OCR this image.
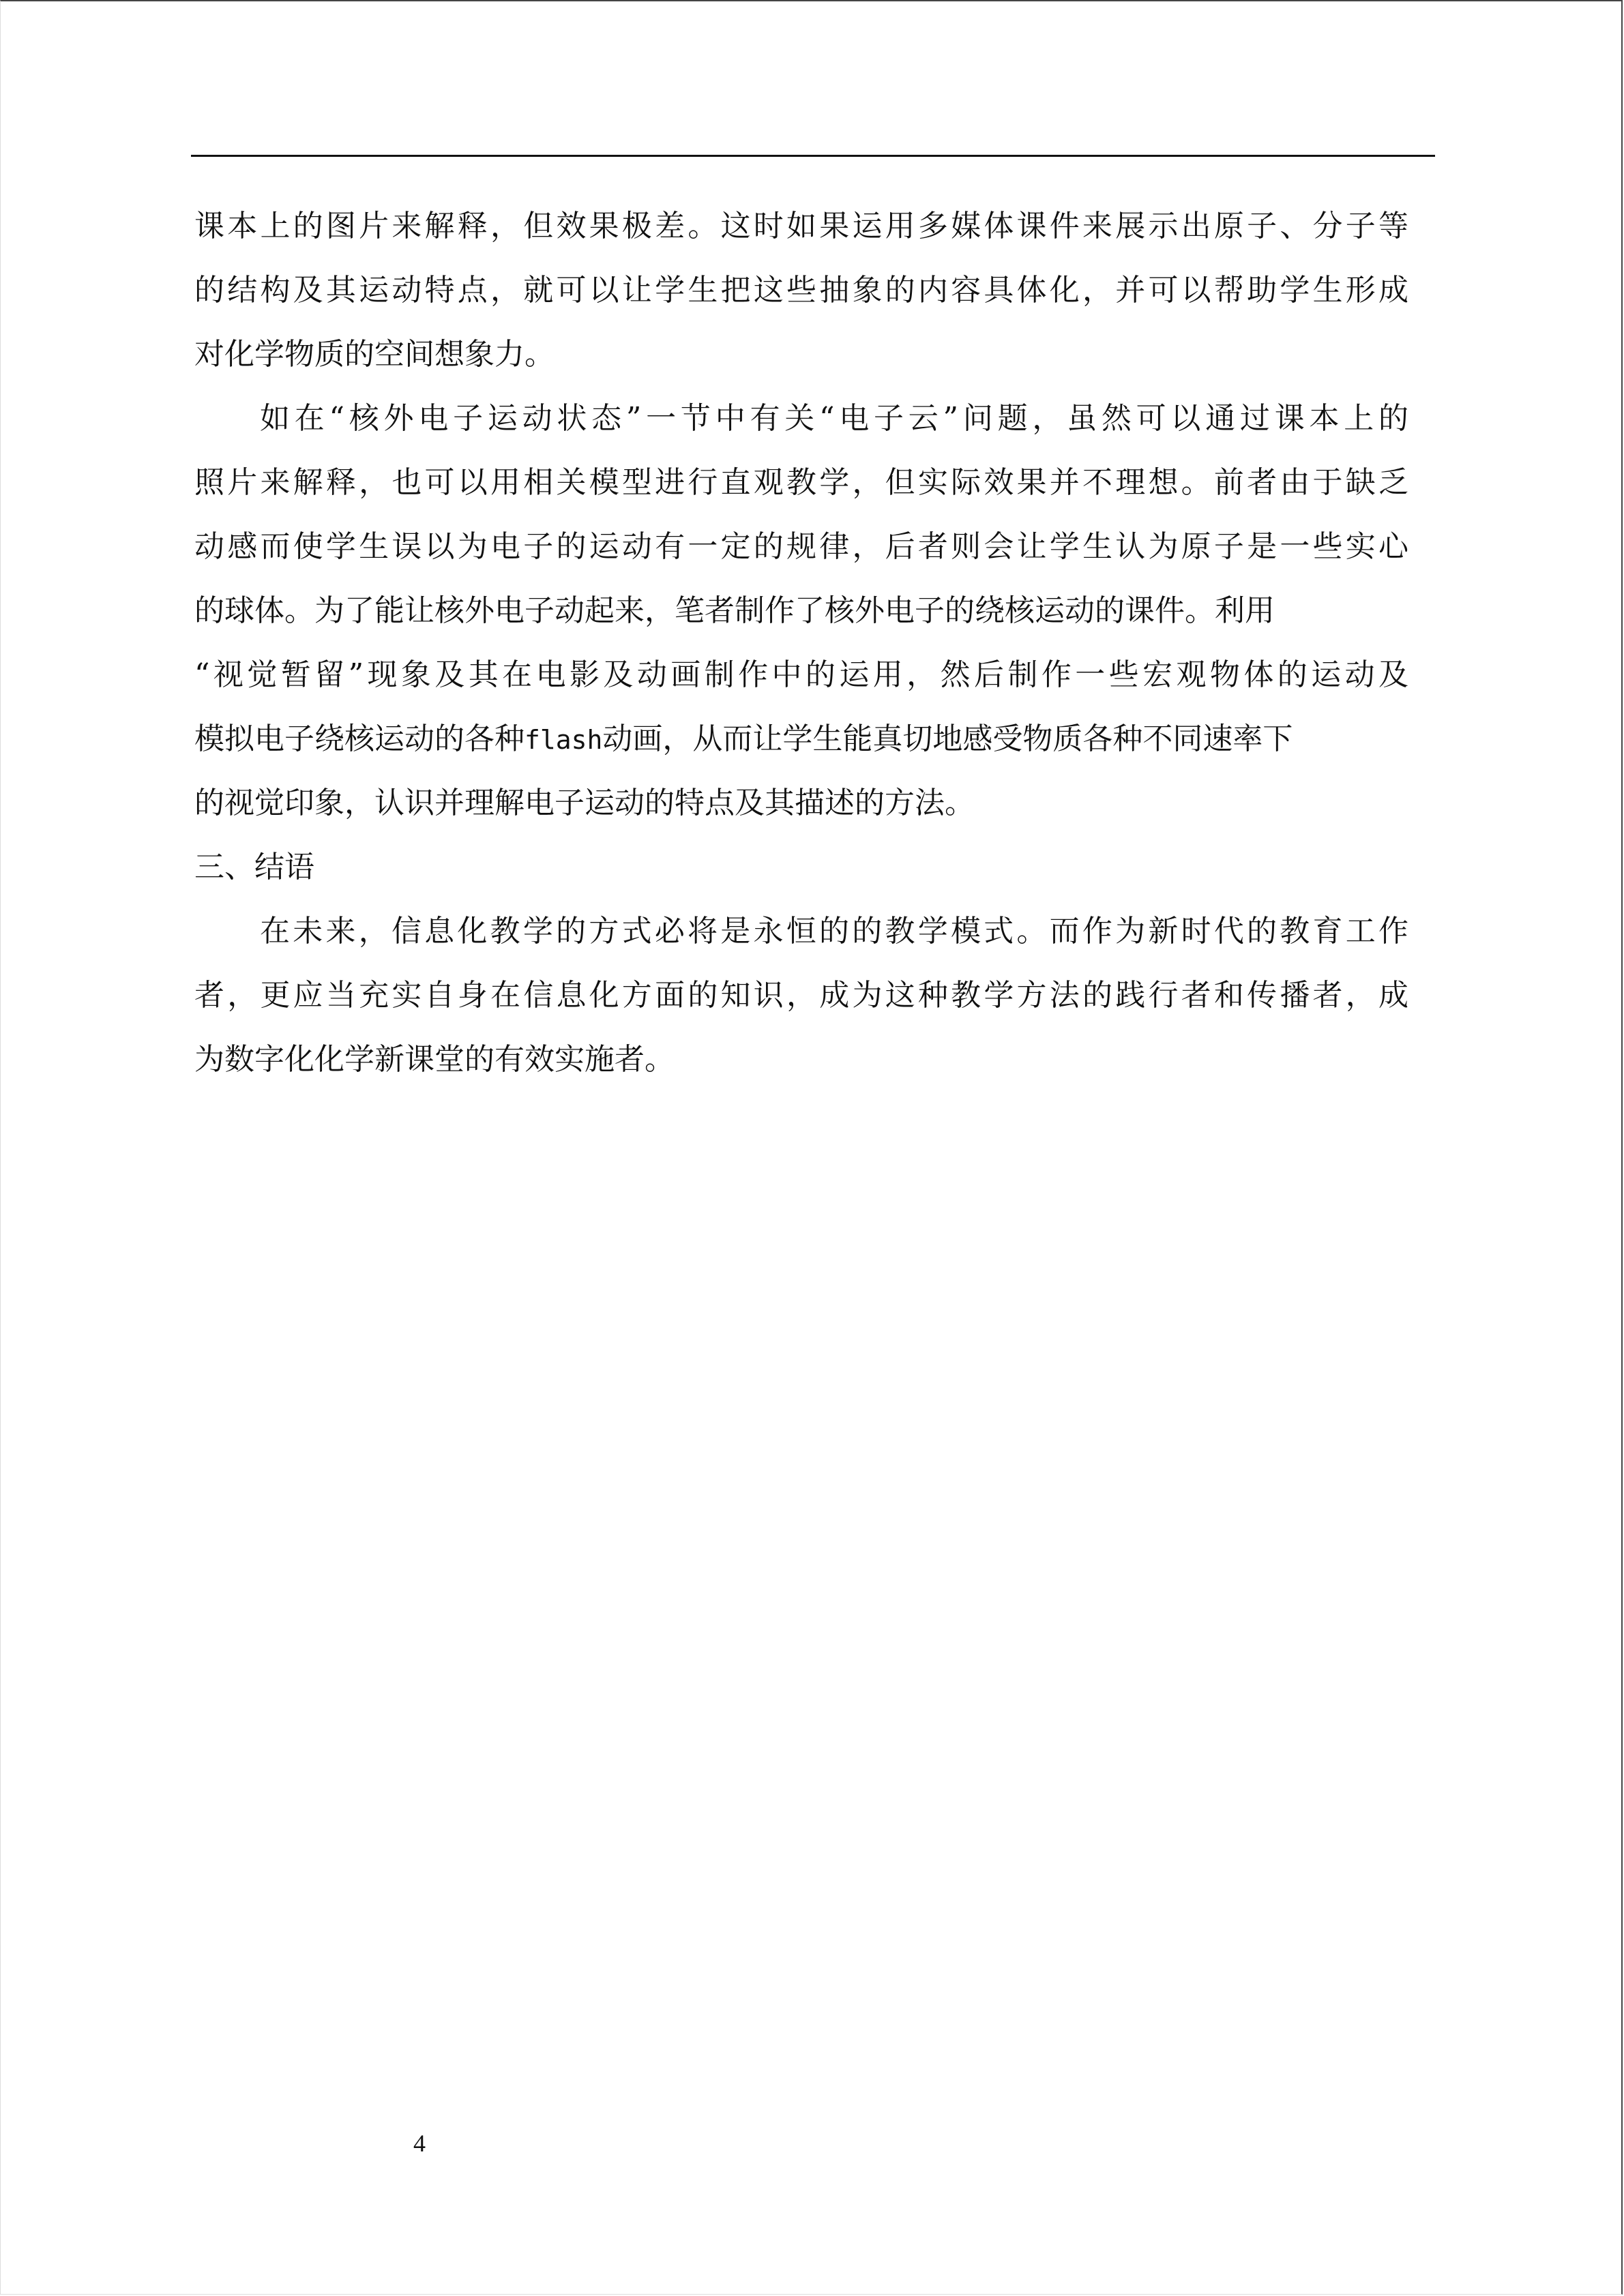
课本上的图片来解释，但效果极差。这时如果运用多媒体课件来展示出原子、分子等
的结构及其运动特点，就可以让学生把这些抽象的内容具体化，并可以帮助学生形成
对化学物质的空间想象力。
如在“核外电子运动状态”一节中有关“电子云”问题，虽然可以通过课本上的
照片来解释，也可以用相关模型进行直观教学，但实际效果并不理想。前者由于缺乏
动感而使学生误以为电子的运动有一定的规律，后者则会让学生认为原子是一些实心
的球体。为了能让核外电子动起来，笔者制作了核外电子的绕核运动的课件。利用
“视觉暂留”现象及其在电影及动画制作中的运用，然后制作一些宏观物体的运动及
模拟电子绕核运动的各种flash动画，从而让学生能真切地感受物质各种不同速率下
的视觉印象，认识并理解电子运动的特点及其描述的方法。
三、结语
在未来，信息化教学的方式必将是永恒的的教学模式。而作为新时代的教育工作
者，更应当充实自身在信息化方面的知识，成为这种教学方法的践行者和传播者，成
为数字化化学新课堂的有效实施者。
4
